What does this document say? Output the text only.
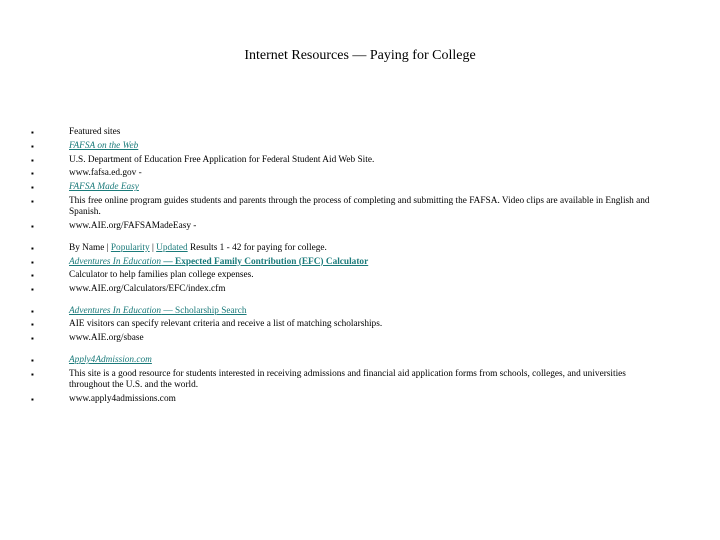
Internet Resources — Paying for College
▪	Featured sites
▪	FAFSA on the Web
▪	U.S. Department of Education Free Application for Federal Student Aid Web Site.
▪	www.fafsa.ed.gov -
▪	FAFSA Made Easy
▪	This free online program guides students and parents through the process of completing and submitting the FAFSA. Video clips are available in English and Spanish.
▪	www.AIE.org/FAFSAMadeEasy -
▪	By Name | Popularity | Updated Results 1 - 42 for paying for college.
▪	Adventures In Education — Expected Family Contribution (EFC) Calculator
▪	Calculator to help families plan college expenses.
▪	www.AIE.org/Calculators/EFC/index.cfm
▪	Adventures In Education — Scholarship Search
▪	AIE visitors can specify relevant criteria and receive a list of matching scholarships.
▪	www.AIE.org/sbase
▪	Apply4Admission.com
▪	This site is a good resource for students interested in receiving admissions and financial aid application forms from schools, colleges, and universities throughout the U.S. and the world.
▪	www.apply4admissions.com
